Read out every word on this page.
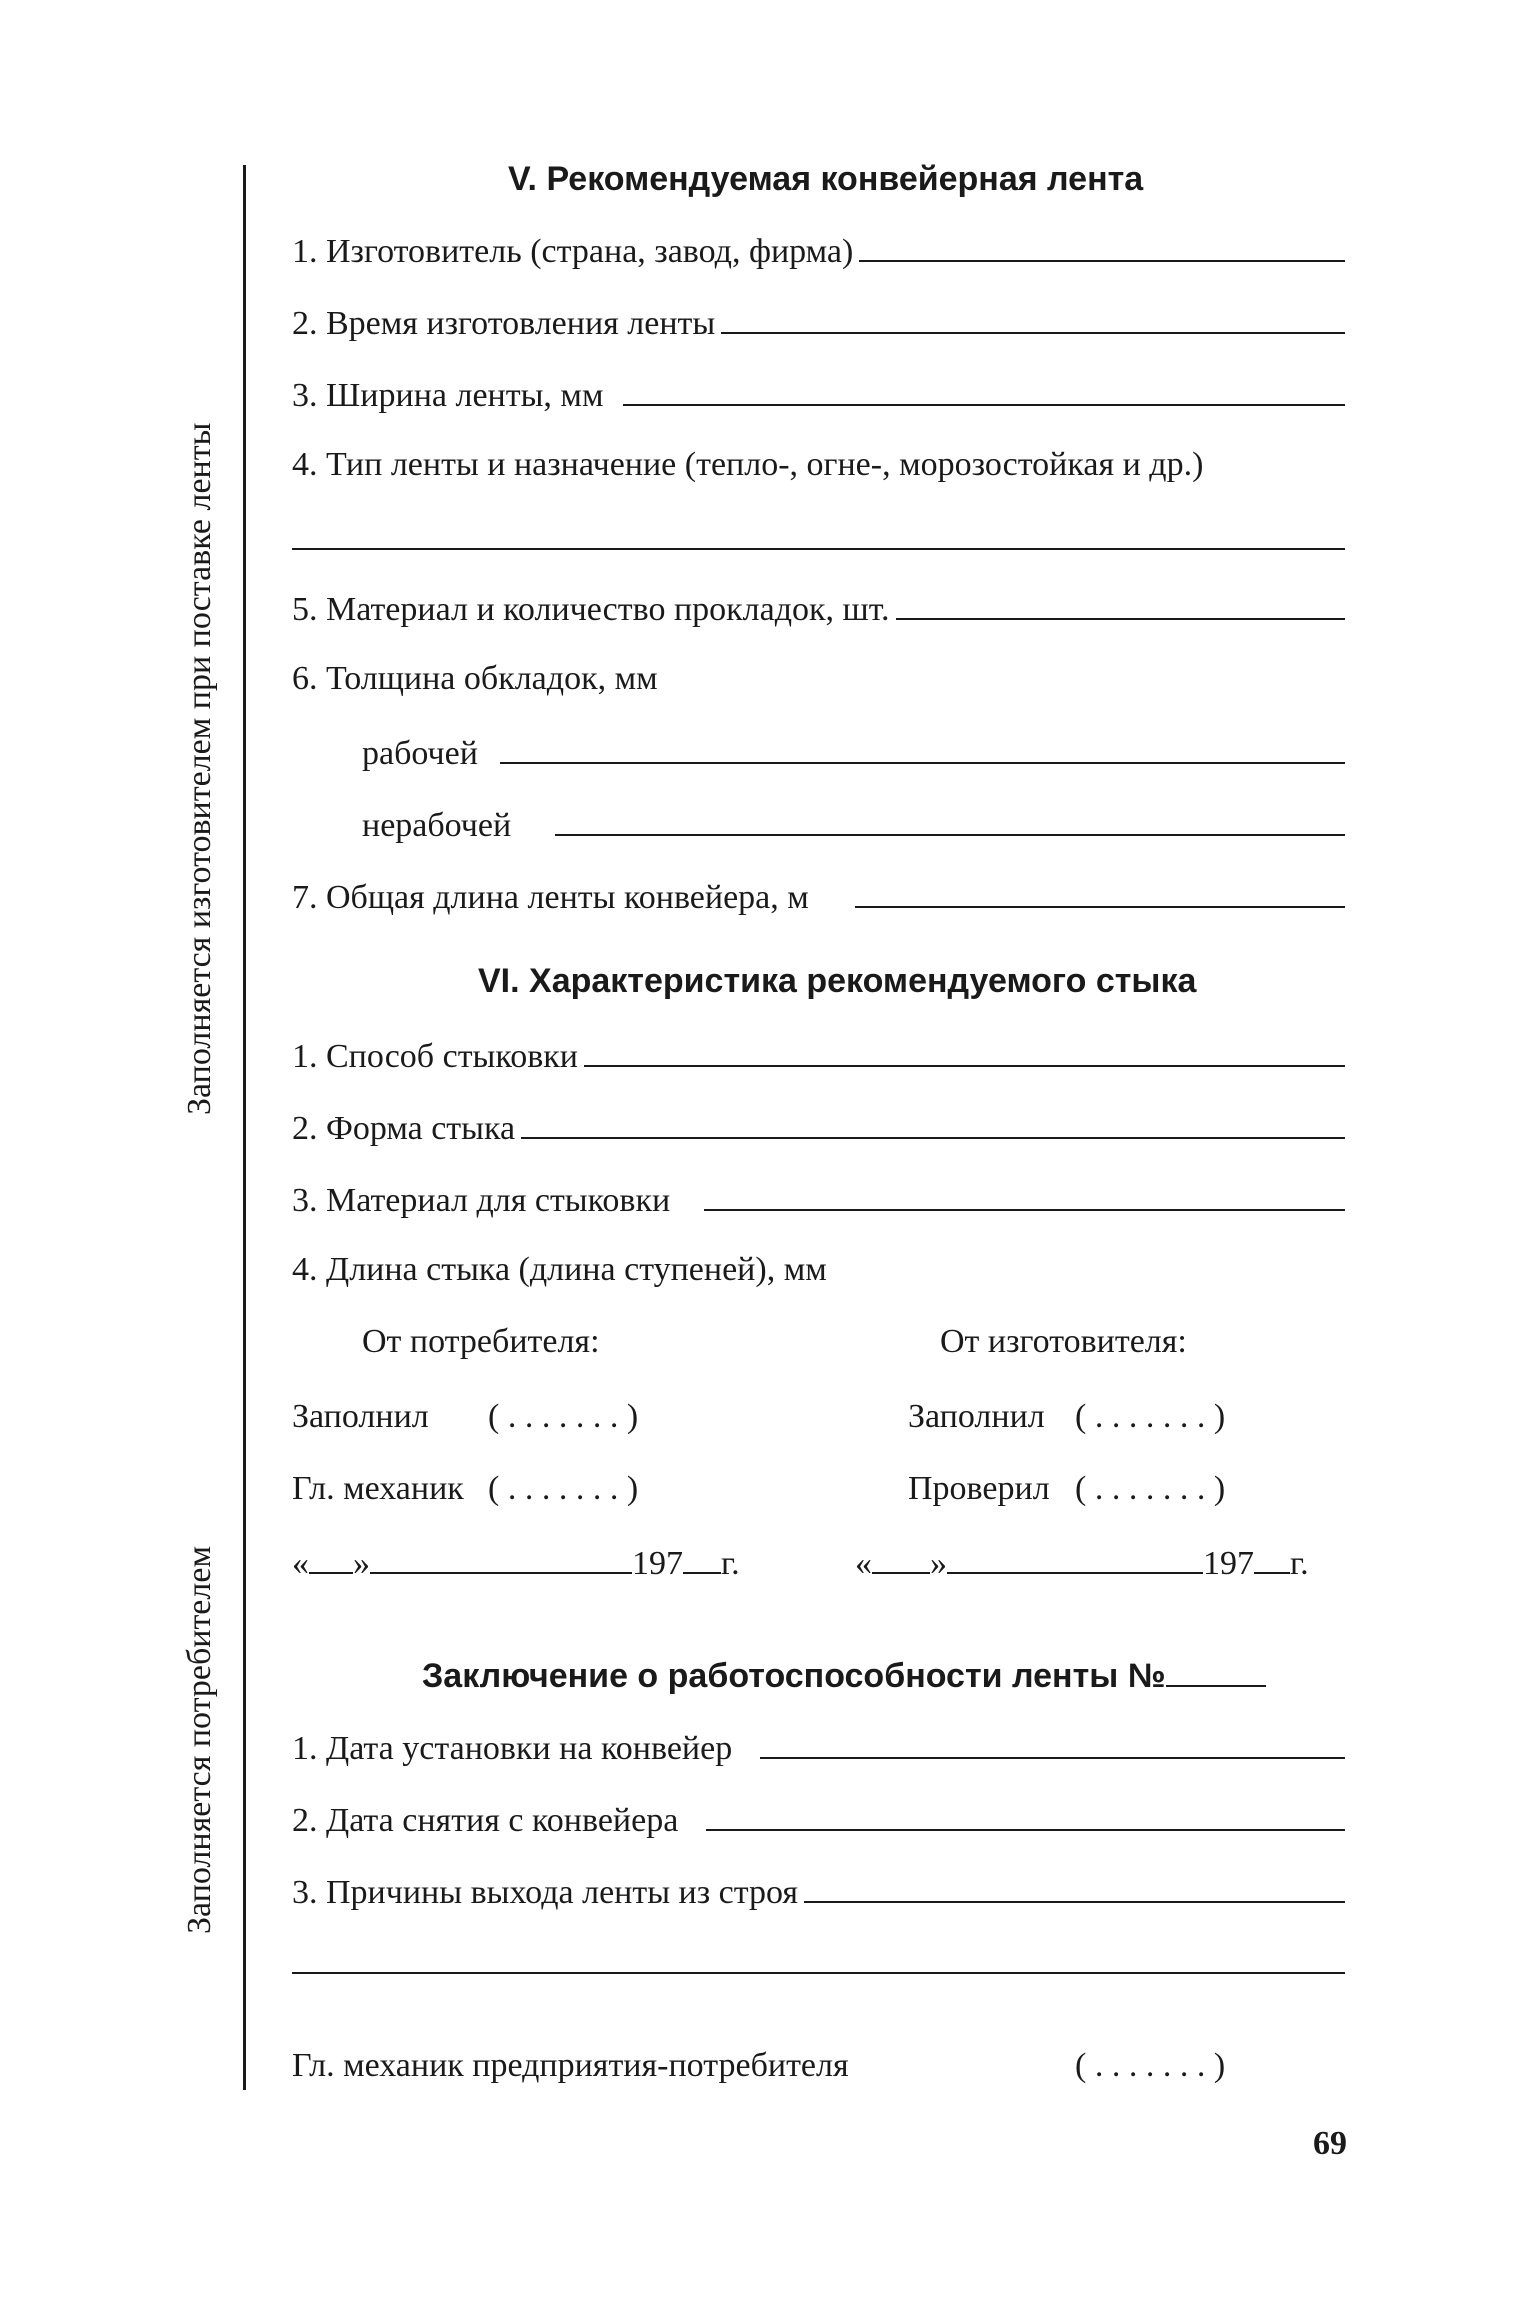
Заполняется изготовителем при поставке ленты
Заполняется потребителем
V. Рекомендуемая конвейерная лента
1. Изготовитель (страна, завод, фирма)
2. Время изготовления ленты
3. Ширина ленты, мм
4. Тип ленты и назначение (тепло-, огне-, морозостойкая и др.)
5. Материал и количество прокладок, шт.
6. Толщина обкладок, мм
рабочей
нерабочей
7. Общая длина ленты конвейера, м
VI. Характеристика рекомендуемого стыка
1. Способ стыковки
2. Форма стыка
3. Материал для стыковки
4. Длина стыка (длина ступеней), мм
От потребителя:	От изготовителя:
Заполнил ( . . . . . . . )	Заполнил ( . . . . . . . )
Гл. механик ( . . . . . . . )	Проверил ( . . . . . . . )
« »	197 г.	« »	197 г.
Заключение о работоспособности ленты №
1. Дата установки на конвейер
2. Дата снятия с конвейера
3. Причины выхода ленты из строя
Гл. механик предприятия-потребителя	( . . . . . . . )
69
